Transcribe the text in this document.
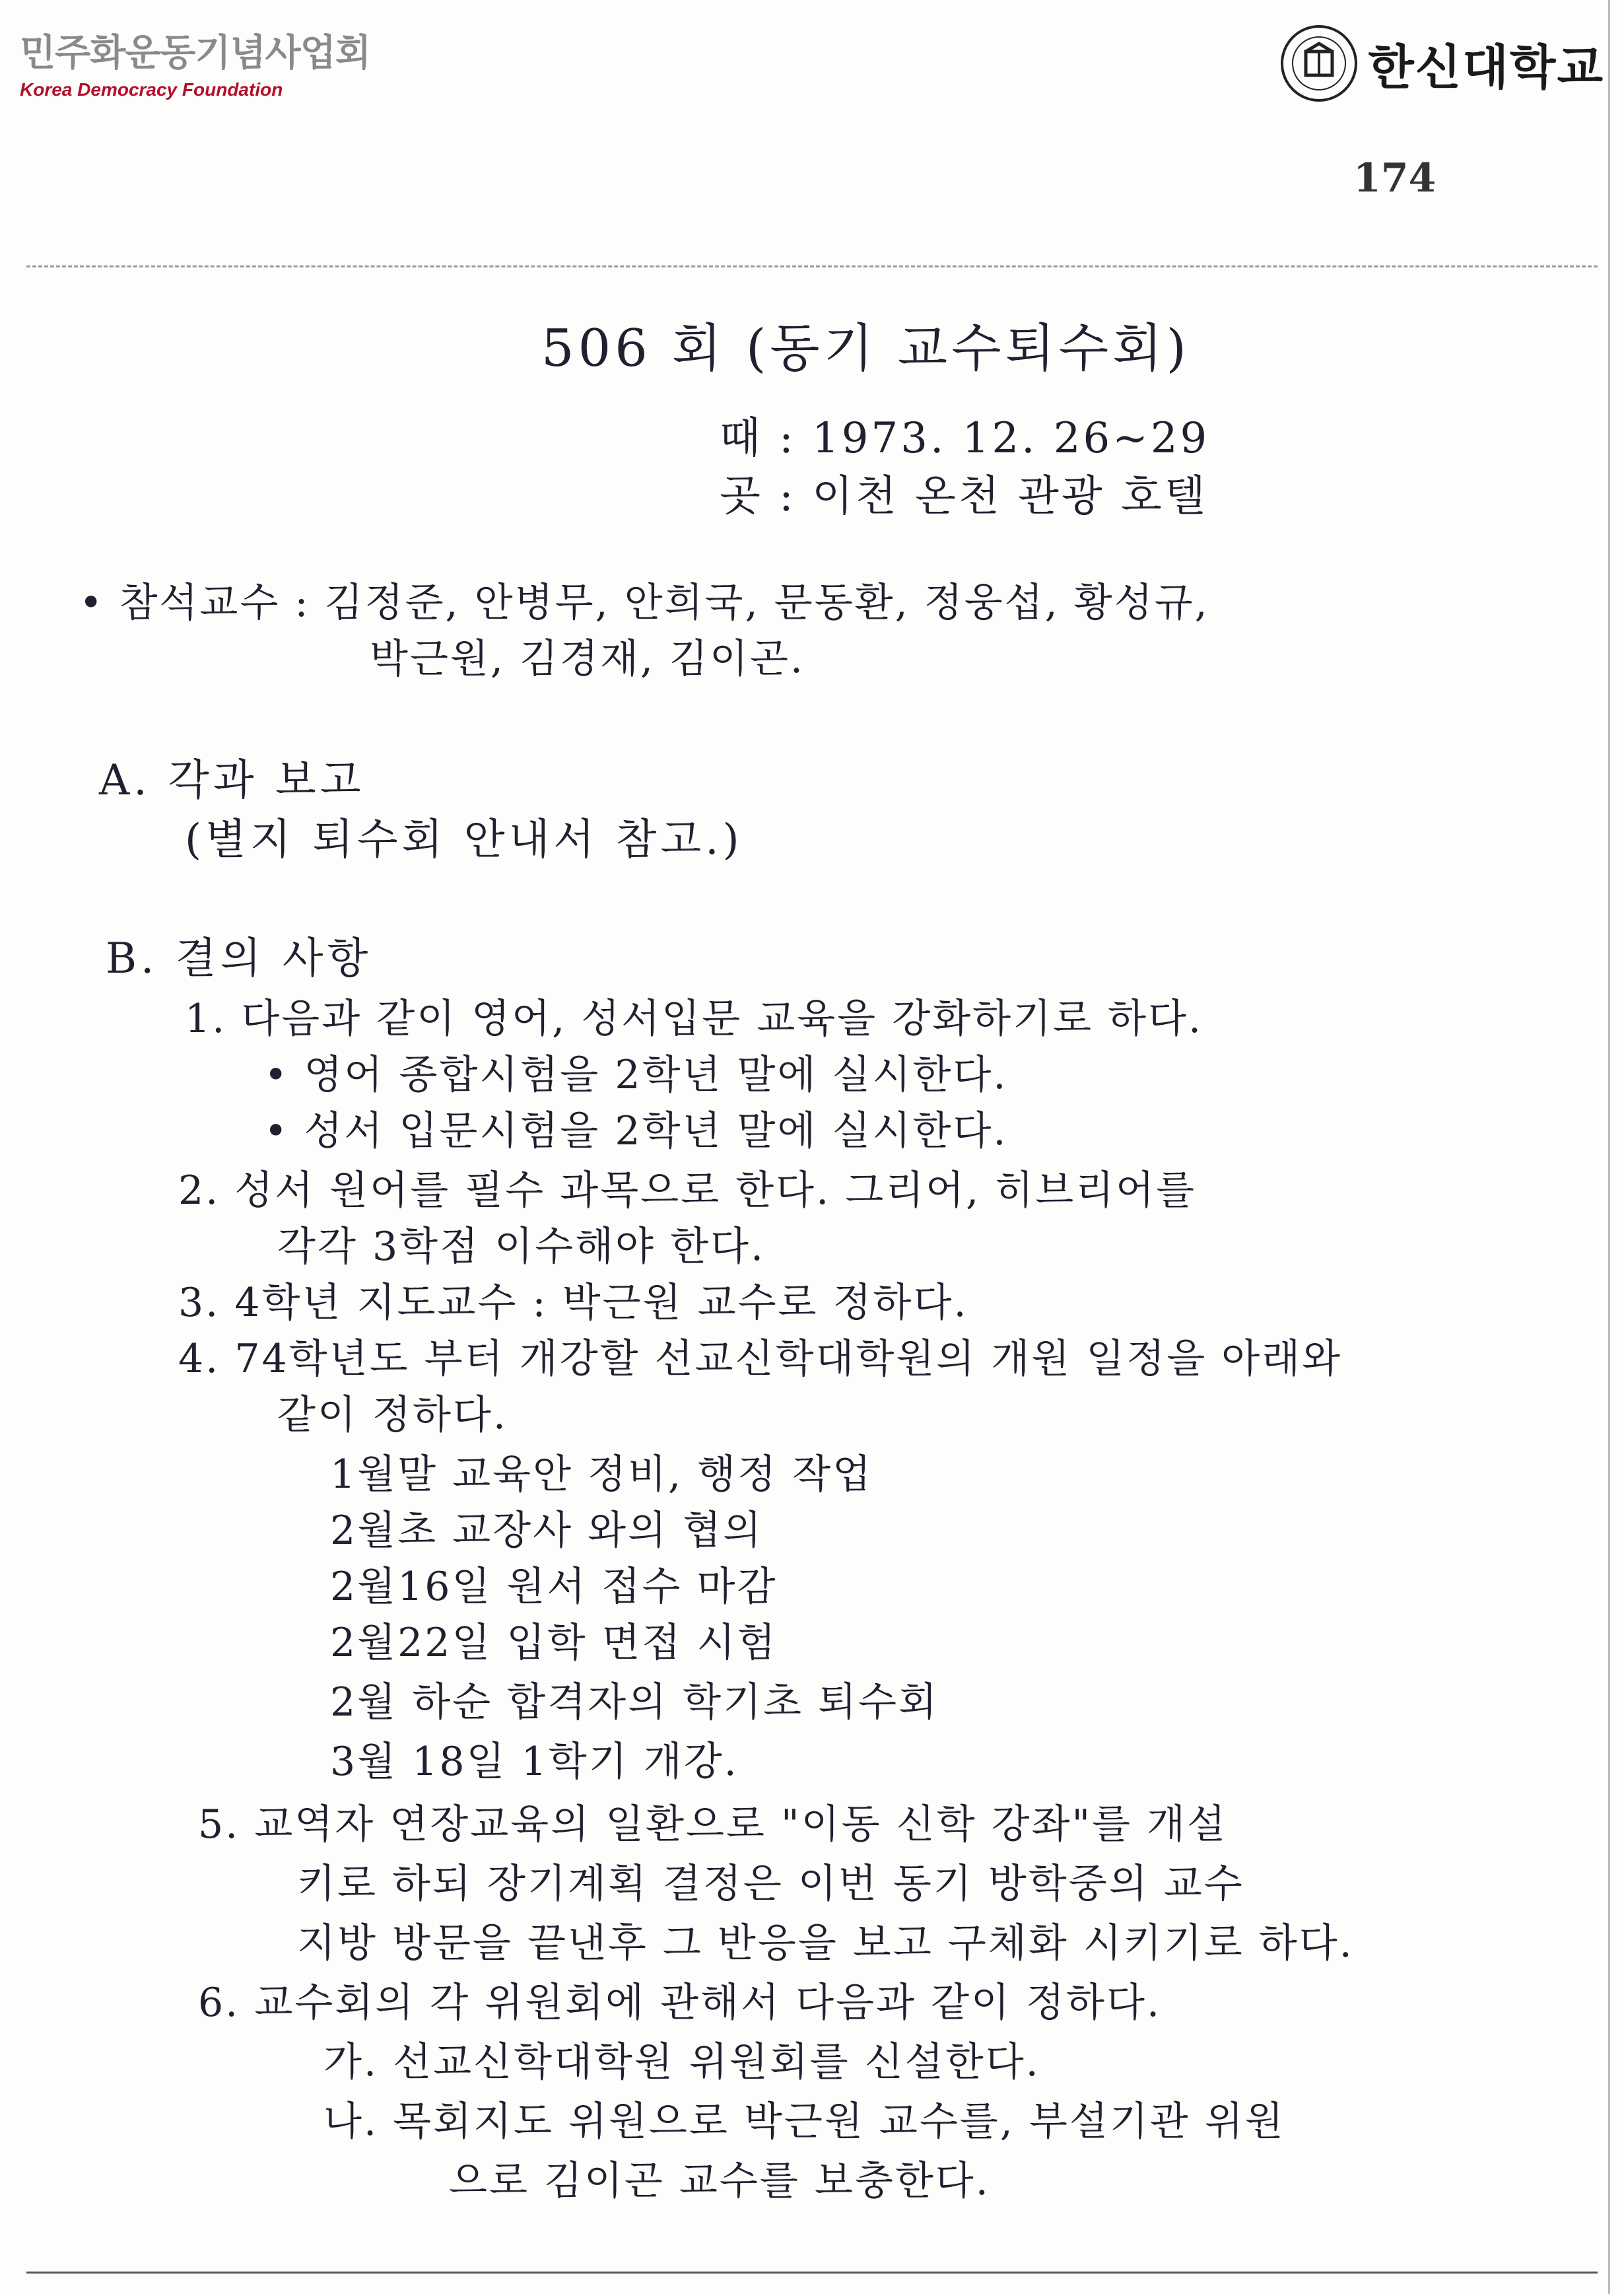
민주화운동기념사업회
Korea Democracy Foundation	한신대학교
174
506 회 (동기 교수퇴수회)
때 : 1973. 12. 26~29
곳 : 이천 온천 관광 호텔
• 참석교수 : 김정준, 안병무, 안희국, 문동환, 정웅섭, 황성규,
박근원, 김경재, 김이곤.
A. 각과 보고
(별지 퇴수회 안내서 참고.)
B. 결의 사항
1. 다음과 같이 영어, 성서입문 교육을 강화하기로 하다.
• 영어 종합시험을 2학년 말에 실시한다.
• 성서 입문시험을 2학년 말에 실시한다.
2. 성서 원어를 필수 과목으로 한다. 그리어, 히브리어를
각각 3학점 이수해야 한다.
3. 4학년 지도교수 : 박근원 교수로 정하다.
4. 74학년도 부터 개강할 선교신학대학원의 개원 일정을 아래와
같이 정하다.
1월말 교육안 정비, 행정 작업
2월초 교장사 와의 협의
2월16일 원서 접수 마감
2월22일 입학 면접 시험
2월 하순 합격자의 학기초 퇴수회
3월 18일 1학기 개강.
5. 교역자 연장교육의 일환으로 "이동 신학 강좌"를 개설
키로 하되 장기계획 결정은 이번 동기 방학중의 교수
지방 방문을 끝낸후 그 반응을 보고 구체화 시키기로 하다.
6. 교수회의 각 위원회에 관해서 다음과 같이 정하다.
가. 선교신학대학원 위원회를 신설한다.
나. 목회지도 위원으로 박근원 교수를, 부설기관 위원
으로 김이곤 교수를 보충한다.
